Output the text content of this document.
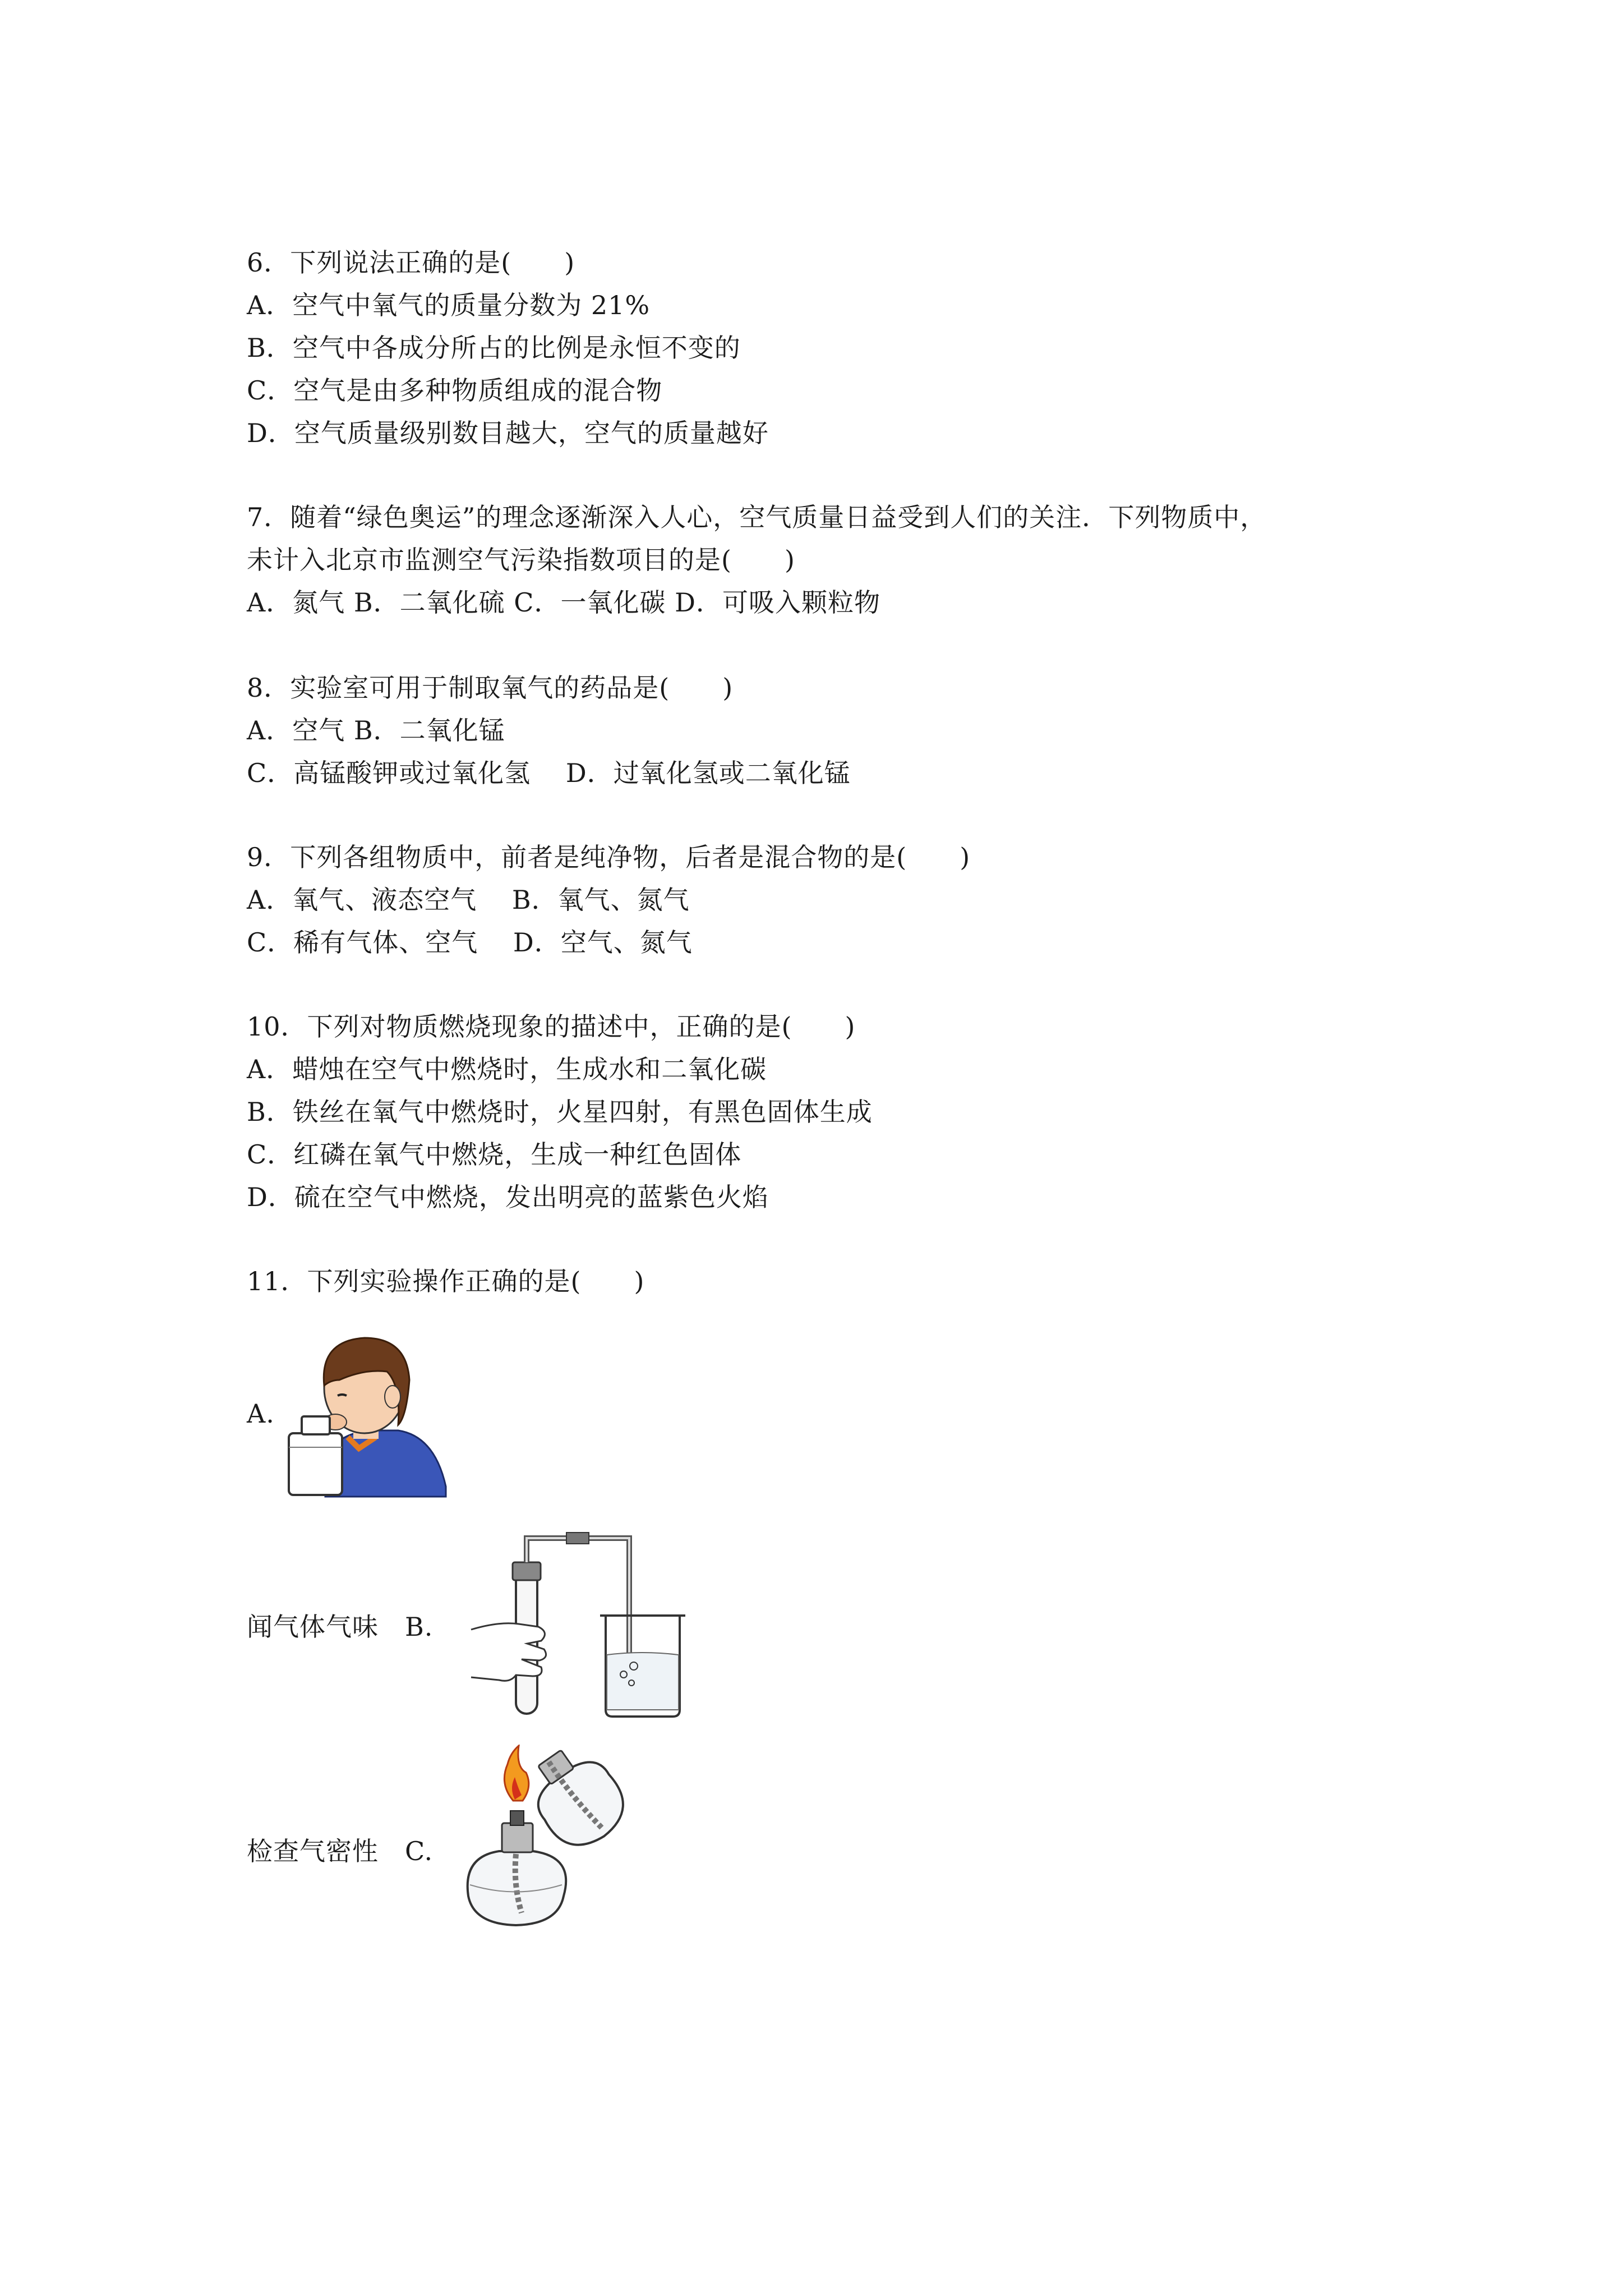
6．下列说法正确的是(　　)
A．空气中氧气的质量分数为 21%
B．空气中各成分所占的比例是永恒不变的
C．空气是由多种物质组成的混合物
D．空气质量级别数目越大，空气的质量越好
7．随着“绿色奥运”的理念逐渐深入人心，空气质量日益受到人们的关注．下列物质中，
未计入北京市监测空气污染指数项目的是(　　)
A．氮气 B．二氧化硫 C．一氧化碳 D．可吸入颗粒物
8．实验室可用于制取氧气的药品是(　　)
A．空气 B．二氧化锰
C．高锰酸钾或过氧化氢　 D．过氧化氢或二氧化锰
9．下列各组物质中，前者是纯净物，后者是混合物的是(　　)
A．氧气、液态空气　 B．氧气、氮气
C．稀有气体、空气　 D．空气、氮气
10．下列对物质燃烧现象的描述中，正确的是(　　)
A．蜡烛在空气中燃烧时，生成水和二氧化碳
B．铁丝在氧气中燃烧时，火星四射，有黑色固体生成
C．红磷在氧气中燃烧，生成一种红色固体
D．硫在空气中燃烧，发出明亮的蓝紫色火焰
11．下列实验操作正确的是(　　)
A.
闻气体气味　B.
检查气密性　C.
